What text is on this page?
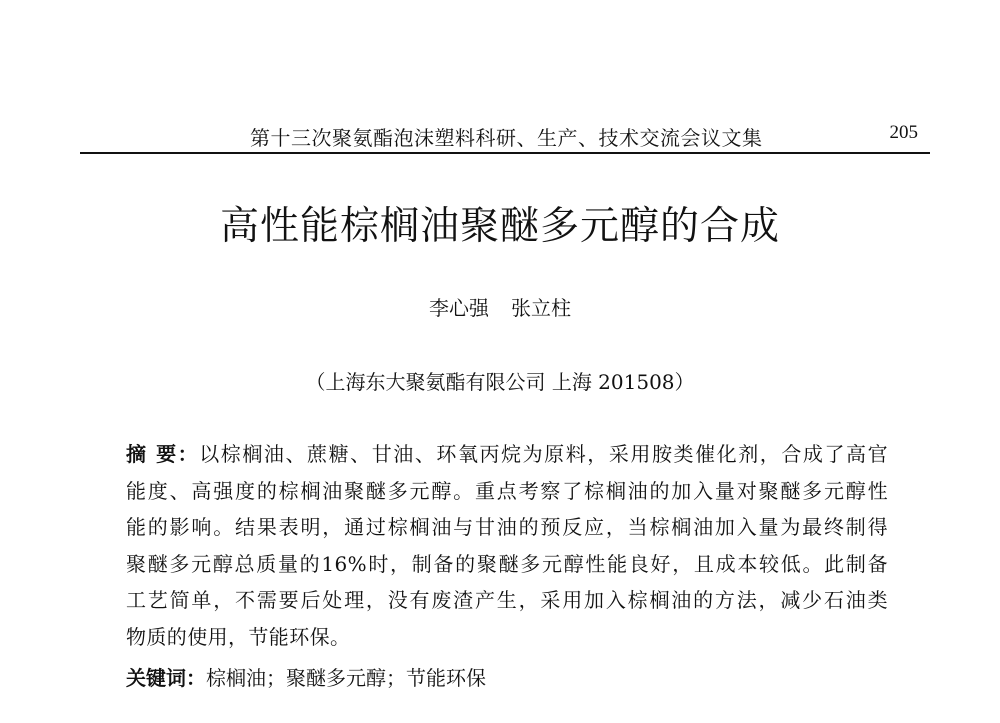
第十三次聚氨酯泡沫塑料科研、生产、技术交流会议文集	205
高性能棕榈油聚醚多元醇的合成
李心强 张立柱
（上海东大聚氨酯有限公司 上海 201508）
摘 要：以棕榈油、蔗糖、甘油、环氧丙烷为原料，采用胺类催化剂，合成了高官
能度、高强度的棕榈油聚醚多元醇。重点考察了棕榈油的加入量对聚醚多元醇性
能的影响。结果表明，通过棕榈油与甘油的预反应，当棕榈油加入量为最终制得
聚醚多元醇总质量的16%时，制备的聚醚多元醇性能良好，且成本较低。此制备
工艺简单，不需要后处理，没有废渣产生，采用加入棕榈油的方法，减少石油类
物质的使用，节能环保。
关键词：棕榈油；聚醚多元醇；节能环保
